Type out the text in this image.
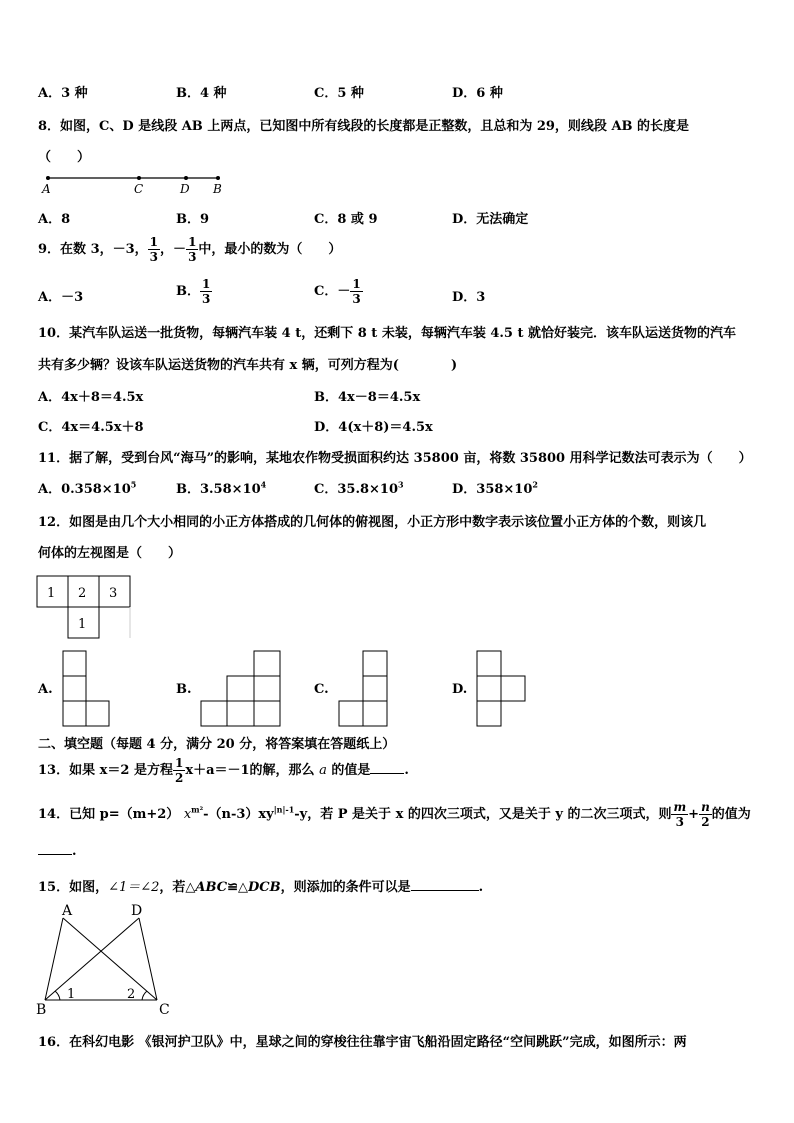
A．3 种	B．4 种	C．5 种	D．6 种
8．如图，C、D 是线段 AB 上两点，已知图中所有线段的长度都是正整数，且总和为 29，则线段 AB 的长度是
（　　）
A	C	D B
A．8	B．9	C．8 或 9	D．无法确定
9．在数 3，－3， $\frac{1}{3}$ ，－ $\frac{1}{3}$ 中，最小的数为（　　）
A．－3	B． $\frac{1}{3}$	C．－ $\frac{1}{3}$	D．3
10．某汽车队运送一批货物，每辆汽车装 4 t，还剩下 8 t 未装，每辆汽车装 4.5 t 就恰好装完．该车队运送货物的汽车
共有多少辆？设该车队运送货物的汽车共有 x 辆，可列方程为(　　　　)
A．4x＋8＝4.5x	B．4x－8＝4.5x
C．4x＝4.5x＋8	D．4(x＋8)＝4.5x
11．据了解，受到台风“海马”的影响，某地农作物受损面积约达 35800 亩，将数 35800 用科学记数法可表示为（　　）
A．$0.358\times 10^5$	B．$3.58\times 10^4$	C．$35.8\times 10^3$	D．$358\times 10^2$
12．如图是由几个大小相同的小正方体搭成的几何体的俯视图，小正方形中数字表示该位置小正方体的个数，则该几
何体的左视图是（　　）
1 2 3
1
A.	B.	C.	D.
二、填空题（每题 4 分，满分 20 分，将答案填在答题纸上）
13．如果 x＝2 是方程 $\frac{1}{2} x+a=-1$的解，那么 a 的值是	.
14．已知 p=（m+2） $x^{m^2}-(n-3)xy^{|n|-1}-y$，若 P 是关于 x 的四次三项式，又是关于 y 的二次三项式，则 $\frac{m}{3} + \frac{n}{2}$ 的值为
.
15．如图，∠1＝∠2，若△ABC≌△DCB，则添加的条件可以是	.
A	D
B	C
1	2
16．在科幻电影 《银河护卫队》中，星球之间的穿梭往往靠宇宙飞船沿固定路径“空间跳跃”完成，如图所示：两
